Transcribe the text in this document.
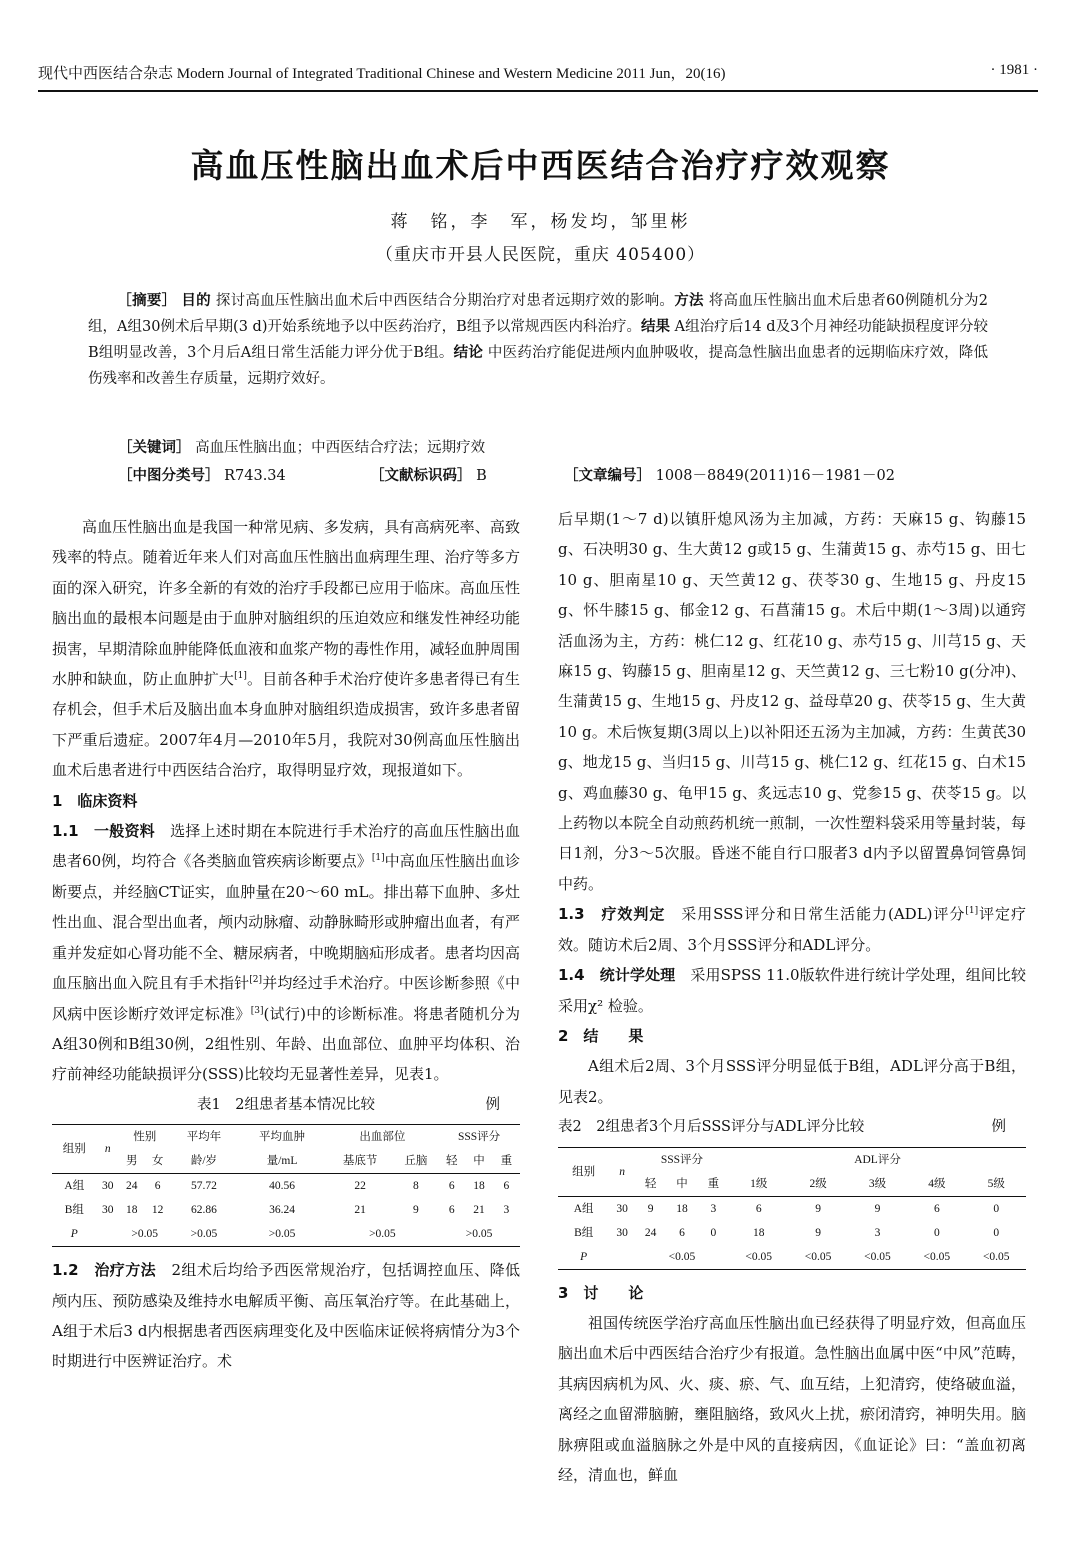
现代中西医结合杂志 Modern Journal of Integrated Traditional Chinese and Western Medicine 2011 Jun，20(16)	· 1981 ·
高血压性脑出血术后中西医结合治疗疗效观察
蒋　铭，李　军，杨发均，邹里彬
（重庆市开县人民医院，重庆 405400）
［摘要］ 目的 探讨高血压性脑出血术后中西医结合分期治疗对患者远期疗效的影响。方法 将高血压性脑出血术后患者60例随机分为2组，A组30例术后早期(3 d)开始系统地予以中医药治疗，B组予以常规西医内科治疗。结果 A组治疗后14 d及3个月神经功能缺损程度评分较B组明显改善，3个月后A组日常生活能力评分优于B组。结论 中医药治疗能促进颅内血肿吸收，提高急性脑出血患者的远期临床疗效，降低伤残率和改善生存质量，远期疗效好。
［关键词］ 高血压性脑出血；中西医结合疗法；远期疗效
［中图分类号］ R743.34	［文献标识码］ B	［文章编号］ 1008－8849(2011)16－1981－02

高血压性脑出血是我国一种常见病、多发病，具有高病死率、高致残率的特点。随着近年来人们对高血压性脑出血病理生理、治疗等多方面的深入研究，许多全新的有效的治疗手段都已应用于临床。高血压性脑出血的最根本问题是由于血肿对脑组织的压迫效应和继发性神经功能损害，早期清除血肿能降低血液和血浆产物的毒性作用，减轻血肿周围水肿和缺血，防止血肿扩大[1]。目前各种手术治疗使许多患者得已有生存机会，但手术后及脑出血本身血肿对脑组织造成损害，致许多患者留下严重后遗症。2007年4月—2010年5月，我院对30例高血压性脑出血术后患者进行中西医结合治疗，取得明显疗效，现报道如下。

1　临床资料

1.1　一般资料　 选择上述时期在本院进行手术治疗的高血压性脑出血患者60例，均符合《各类脑血管疾病诊断要点》[1]中高血压性脑出血诊断要点，并经脑CT证实，血肿量在20～60 mL。排出幕下血肿、多灶性出血、混合型出血者，颅内动脉瘤、动静脉畸形或肿瘤出血者，有严重并发症如心肾功能不全、糖尿病者，中晚期脑疝形成者。患者均因高血压脑出血入院且有手术指针[2]并均经过手术治疗。中医诊断参照《中风病中医诊断疗效评定标准》[3](试行)中的诊断标准。将患者随机分为A组30例和B组30例，2组性别、年龄、出血部位、血肿平均体积、治疗前神经功能缺损评分(SSS)比较均无显著性差异，见表1。

表1　2组患者基本情况比较	例
组别	n	性别		平均年	平均血肿	出血部位		SSS评分		
		男	女	龄/岁	量/mL	基底节	丘脑	轻	中	重
A组	30	24	6	57.72	40.56	22	8	6	18	6
B组	30	18	12	62.86	36.24	21	9	6	21	3
P		>0.05		>0.05	>0.05	>0.05		>0.05		

1.2　治疗方法　 2组术后均给予西医常规治疗，包括调控血压、降低颅内压、预防感染及维持水电解质平衡、高压氧治疗等。在此基础上，A组于术后3 d内根据患者西医病理变化及中医临床证候将病情分为3个时期进行中医辨证治疗。术

后早期(1～7 d)以镇肝熄风汤为主加减，方药：天麻15 g、钩藤15 g、石决明30 g、生大黄12 g或15 g、生蒲黄15 g、赤芍15 g、田七10 g、胆南星10 g、天竺黄12 g、茯苓30 g、生地15 g、丹皮15 g、怀牛膝15 g、郁金12 g、石菖蒲15 g。术后中期(1～3周)以通窍活血汤为主，方药：桃仁12 g、红花10 g、赤芍15 g、川芎15 g、天麻15 g、钩藤15 g、胆南星12 g、天竺黄12 g、三七粉10 g(分冲)、生蒲黄15 g、生地15 g、丹皮12 g、益母草20 g、茯苓15 g、生大黄10 g。术后恢复期(3周以上)以补阳还五汤为主加减，方药：生黄芪30 g、地龙15 g、当归15 g、川芎15 g、桃仁12 g、红花15 g、白术15 g、鸡血藤30 g、龟甲15 g、炙远志10 g、党参15 g、茯苓15 g。以上药物以本院全自动煎药机统一煎制，一次性塑料袋采用等量封装，每日1剂，分3～5次服。昏迷不能自行口服者3 d内予以留置鼻饲管鼻饲中药。

1.3　疗效判定　 采用SSS评分和日常生活能力(ADL)评分[1]评定疗效。随访术后2周、3个月SSS评分和ADL评分。

1.4　统计学处理　 采用SPSS 11.0版软件进行统计学处理，组间比较采用χ² 检验。

2　结　　果

A组术后2周、3个月SSS评分明显低于B组，ADL评分高于B组，见表2。

表2　2组患者3个月后SSS评分与ADL评分比较	例
组别	n	SSS评分			ADL评分				
		轻	中	重	1级	2级	3级	4级	5级
A组	30	9	18	3	6	9	9	6	0
B组	30	24	6	0	18	9	3	0	0
P		<0.05			<0.05	<0.05	<0.05	<0.05	<0.05

3　讨　　论

祖国传统医学治疗高血压性脑出血已经获得了明显疗效，但高血压脑出血术后中西医结合治疗少有报道。急性脑出血属中医“中风”范畴，其病因病机为风、火、痰、瘀、气、血互结，上犯清窍，使络破血溢，离经之血留滞脑腑，壅阻脑络，致风火上扰，瘀闭清窍，神明失用。脑脉痹阻或血溢脑脉之外是中风的直接病因，《血证论》曰：“盖血初离经，清血也，鲜血
